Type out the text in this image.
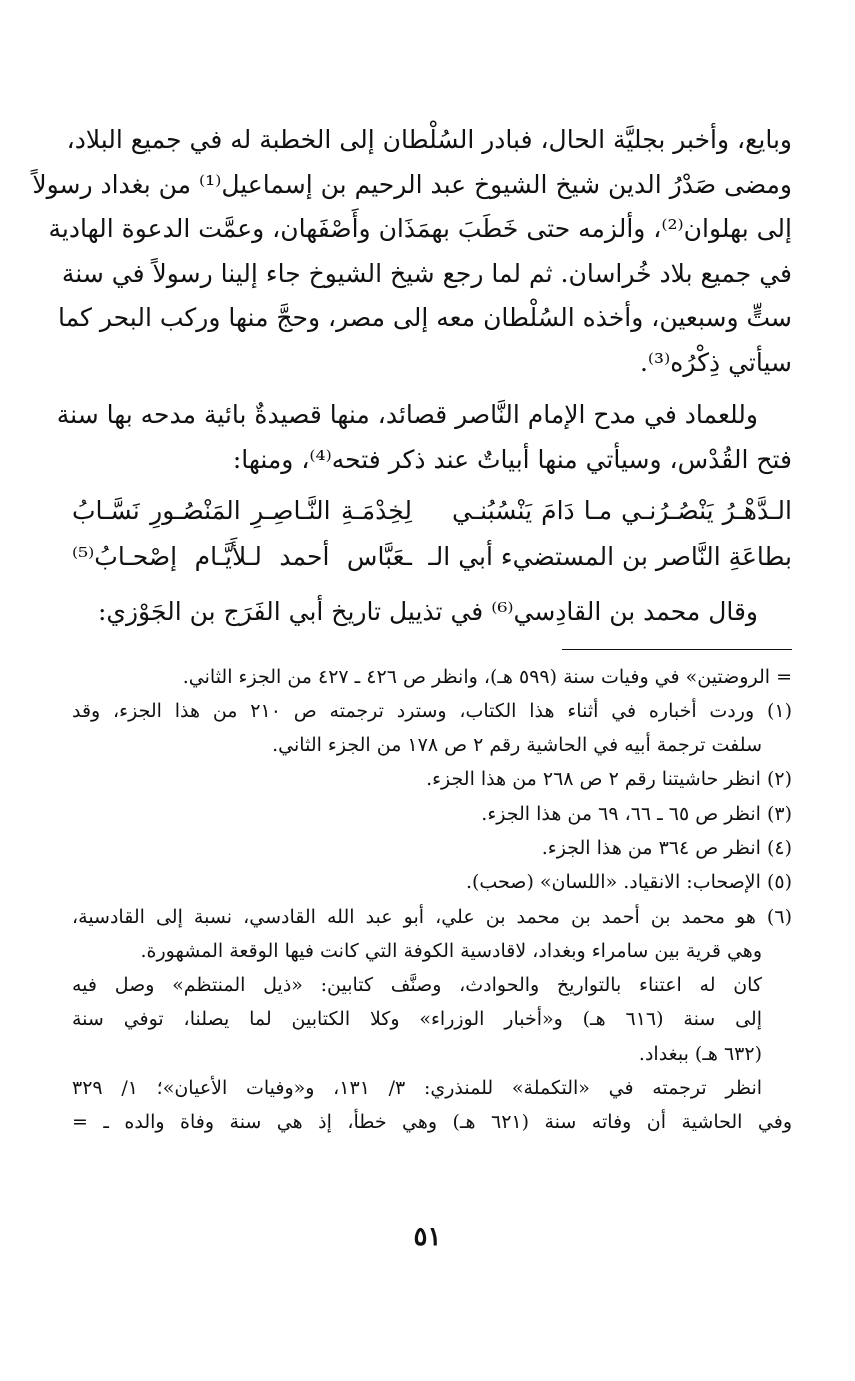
وبايع، وأخبر بجليَّة الحال، فبادر السُلْطان إلى الخطبة له في جميع البلاد،
ومضى صَدْرُ الدين شيخ الشيوخ عبد الرحيم بن إسماعيل⁽¹⁾ من بغداد رسولاً
إلى بهلوان⁽²⁾، وألزمه حتى خَطَبَ بهمَذَان وأَصْفَهان، وعمَّت الدعوة الهادية
في جميع بلاد خُراسان. ثم لما رجع شيخ الشيوخ جاء إلينا رسولاً في سنة
ستٍّ وسبعين، وأخذه السُلْطان معه إلى مصر، وحجَّ منها وركب البحر كما
سيأتي ذِكْرُه⁽³⁾.
وللعماد في مدح الإمام النَّاصر قصائد، منها قصيدةٌ بائية مدحه بها سنة
فتح القُدْس، وسيأتي منها أبياتٌ عند ذكر فتحه⁽⁴⁾، ومنها:
الـدَّهْـرُ يَنْصُـرُنـي مـا دَامَ يَنْسُبُنـي
لِخِدْمَـةِ النَّـاصِـرِ المَنْصُـورِ نَسَّـابُ
بطاعَةِ النَّاصر بن المستضيء أبي الـ
ـعَبَّاس أحمد لـلأَيَّـام إصْحـابُ⁽⁵⁾
وقال محمد بن القادِسي⁽⁶⁾ في تذييل تاريخ أبي الفَرَج بن الجَوْزي:
= الروضتين» في وفيات سنة (٥٩٩ هـ)، وانظر ص ٤٢٦ ـ ٤٢٧ من الجزء الثاني.
(١) وردت أخباره في أثناء هذا الكتاب، وسترد ترجمته ص ٢١٠ من هذا الجزء، وقد
سلفت ترجمة أبيه في الحاشية رقم ٢ ص ١٧٨ من الجزء الثاني.
(٢) انظر حاشيتنا رقم ٢ ص ٢٦٨ من هذا الجزء.
(٣) انظر ص ٦٥ ـ ٦٦، ٦٩ من هذا الجزء.
(٤) انظر ص ٣٦٤ من هذا الجزء.
(٥) الإصحاب: الانقياد. «اللسان» (صحب).
(٦) هو محمد بن أحمد بن محمد بن علي، أبو عبد الله القادسي، نسبة إلى القادسية،
وهي قرية بين سامراء وبغداد، لاقادسية الكوفة التي كانت فيها الوقعة المشهورة.
كان له اعتناء بالتواريخ والحوادث، وصنَّف كتابين: «ذيل المنتظم» وصل فيه
إلى سنة (٦١٦ هـ) و«أخبار الوزراء» وكلا الكتابين لما يصلنا، توفي سنة
(٦٣٢ هـ) ببغداد.
انظر ترجمته في «التكملة» للمنذري: ٣/ ١٣١، و«وفيات الأعيان»؛ ١/ ٣٢٩
وفي الحاشية أن وفاته سنة (٦٢١ هـ) وهي خطأ، إذ هي سنة وفاة والده ـ =
٥١
